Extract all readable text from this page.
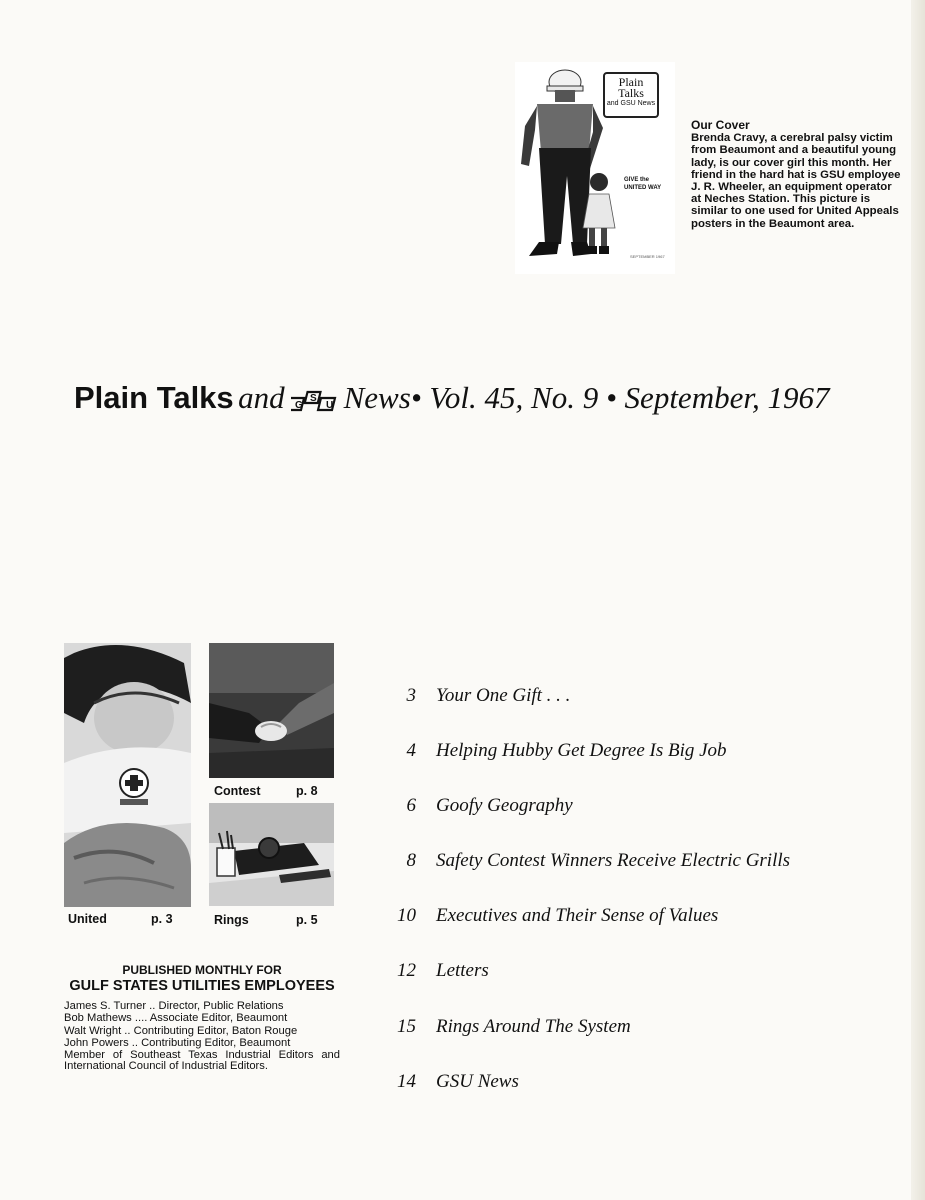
Plain
Talks
and GSU News
GIVE the
UNITED WAY
SEPTEMBER 1967
Our Cover
Brenda Cravy, a cerebral palsy victim from Beaumont and a beautiful young lady, is our cover girl this month. Her friend in the hard hat is GSU employee J. R. Wheeler, an equipment operator at Neches Station. This picture is similar to one used for United Appeals posters in the Beaumont area.
Plain Talks and G
S
U News• Vol. 45, No. 9 • September, 1967
United	p. 3
Contest	p. 8
Rings	p. 5
PUBLISHED MONTHLY FOR
GULF STATES UTILITIES EMPLOYEES
James S. Turner .. Director, Public Relations
Bob Mathews .... Associate Editor, Beaumont
Walt Wright .. Contributing Editor, Baton Rouge
John Powers .. Contributing Editor, Beaumont
Member of Southeast Texas Industrial Editors and International Council of Industrial Editors.
3 Your One Gift . . .
4 Helping Hubby Get Degree Is Big Job
6 Goofy Geography
8 Safety Contest Winners Receive Electric Grills
10 Executives and Their Sense of Values
12 Letters
15 Rings Around The System
14 GSU News
